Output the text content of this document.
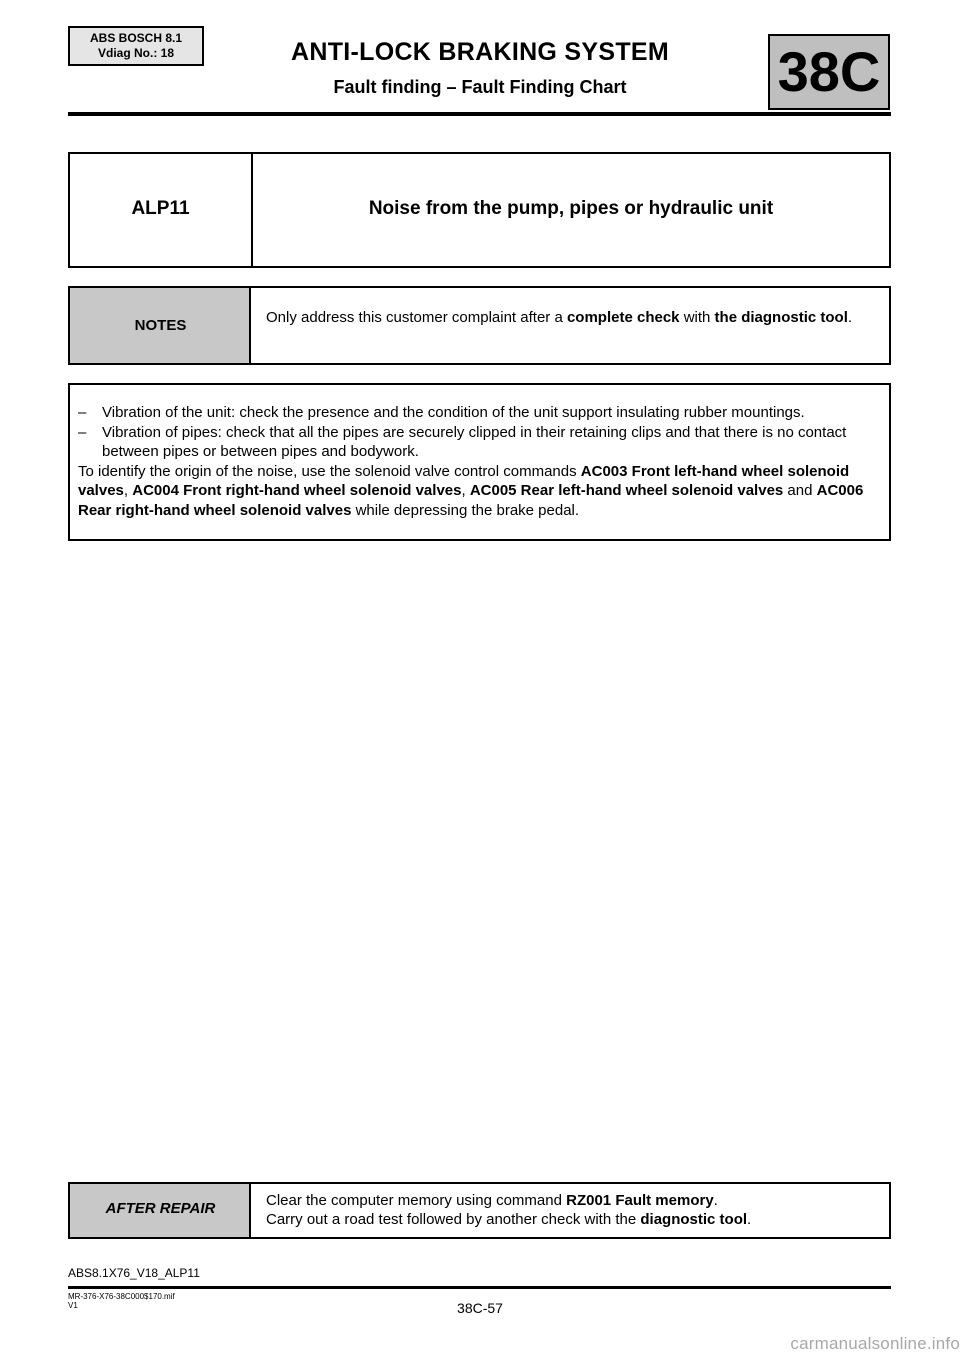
ABS BOSCH 8.1
Vdiag No.: 18	ANTI-LOCK BRAKING SYSTEM
Fault finding – Fault Finding Chart	38C
ALP11	Noise from the pump, pipes or hydraulic unit
NOTES	Only address this customer complaint after a complete check with the diagnostic tool.
– Vibration of the unit: check the presence and the condition of the unit support insulating rubber mountings.
– Vibration of pipes: check that all the pipes are securely clipped in their retaining clips and that there is no contact between pipes or between pipes and bodywork.
To identify the origin of the noise, use the solenoid valve control commands AC003 Front left-hand wheel solenoid valves, AC004 Front right-hand wheel solenoid valves, AC005 Rear left-hand wheel solenoid valves and AC006 Rear right-hand wheel solenoid valves while depressing the brake pedal.
AFTER REPAIR	Clear the computer memory using command RZ001 Fault memory.
Carry out a road test followed by another check with the diagnostic tool.
ABS8.1X76_V18_ALP11
MR-376-X76-38C000$170.mif
V1	38C-57
carmanualsonline.info
